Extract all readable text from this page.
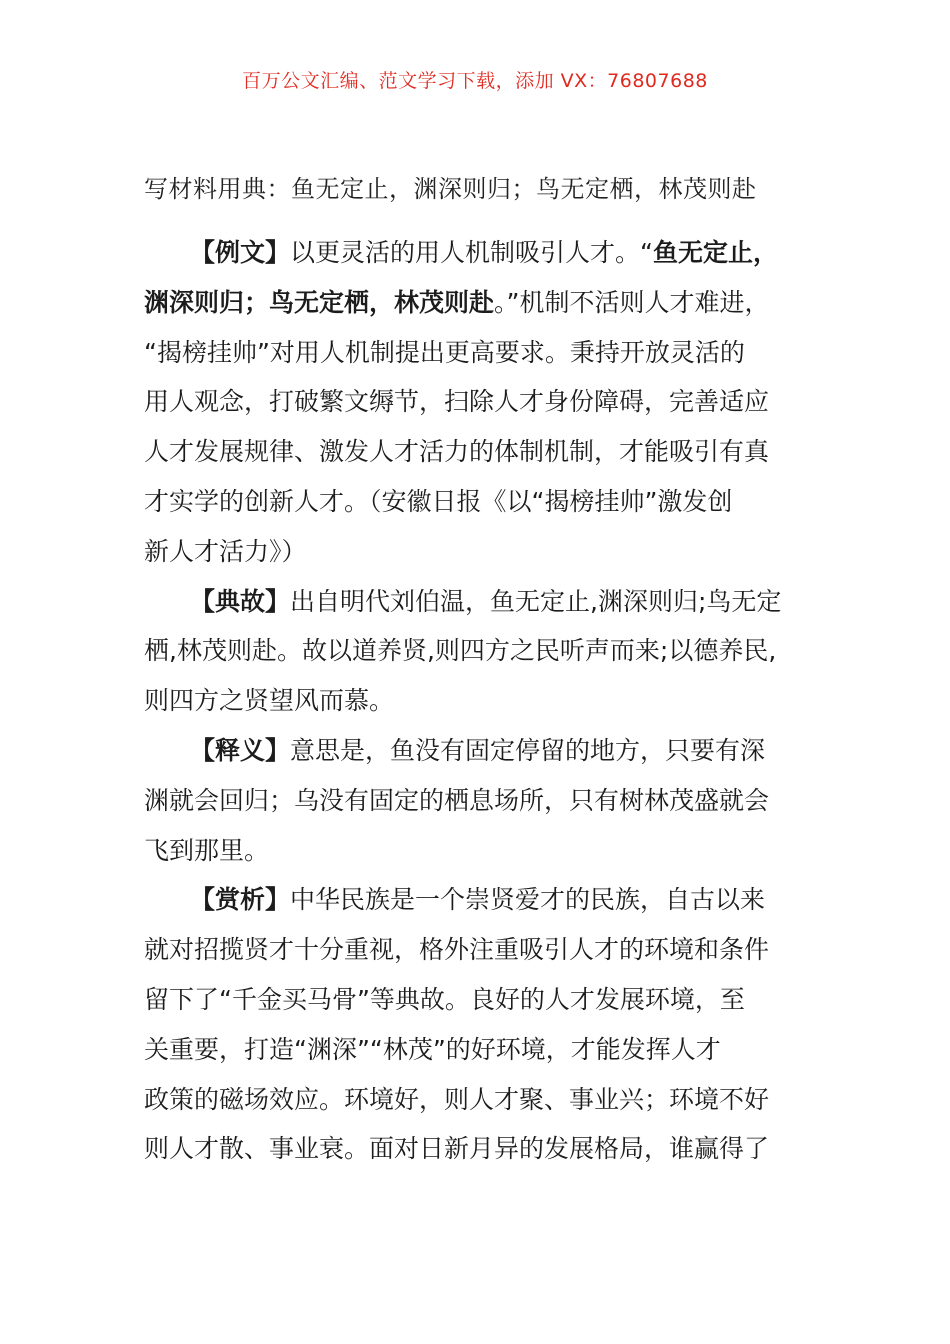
百万公文汇编、范文学习下载，添加 VX：76807688
写材料用典：鱼无定止，渊深则归；鸟无定栖，林茂则赴
【例文】以更灵活的用人机制吸引人才。“鱼无定止，
渊深则归；鸟无定栖，林茂则赴。”机制不活则人才难进，
“揭榜挂帅”对用人机制提出更高要求。秉持开放灵活的
用人观念，打破繁文缛节，扫除人才身份障碍，完善适应
人才发展规律、激发人才活力的体制机制，才能吸引有真
才实学的创新人才。（安徽日报《以“揭榜挂帅”激发创
新人才活力》）
【典故】出自明代刘伯温，鱼无定止,渊深则归;鸟无定
栖,林茂则赴。故以道养贤,则四方之民听声而来;以德养民,
则四方之贤望风而慕。
【释义】意思是，鱼没有固定停留的地方，只要有深
渊就会回归；乌没有固定的栖息场所，只有树林茂盛就会
飞到那里。
【赏析】中华民族是一个崇贤爱才的民族，自古以来
就对招揽贤才十分重视，格外注重吸引人才的环境和条件
留下了“千金买马骨”等典故。良好的人才发展环境，至
关重要，打造“渊深”“林茂”的好环境，才能发挥人才
政策的磁场效应。环境好，则人才聚、事业兴；环境不好
则人才散、事业衰。面对日新月异的发展格局，谁赢得了
